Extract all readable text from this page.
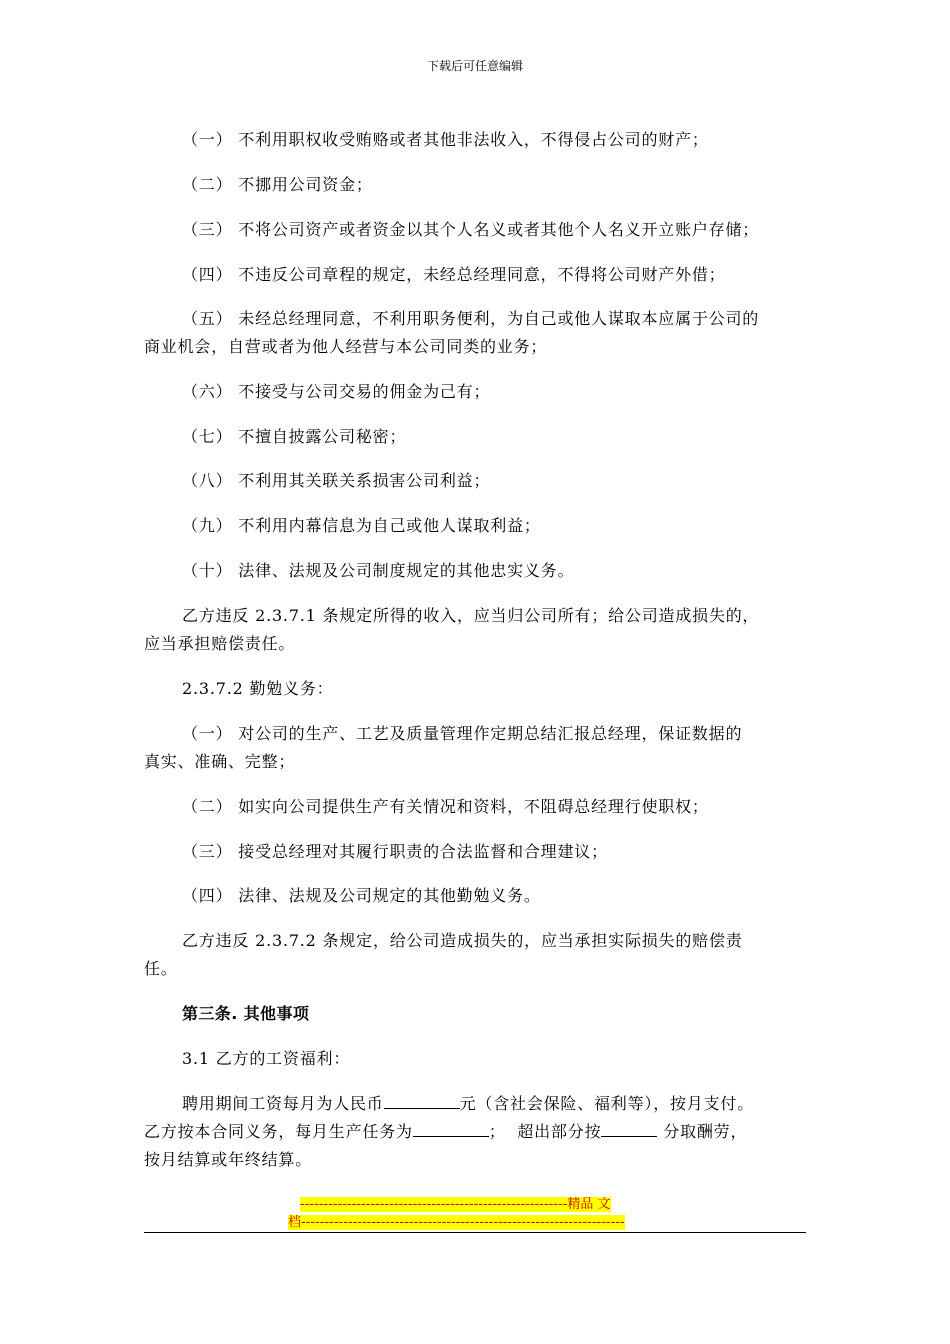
下载后可任意编辑
（一） 不利用职权收受贿赂或者其他非法收入，不得侵占公司的财产；
（二） 不挪用公司资金；
（三） 不将公司资产或者资金以其个人名义或者其他个人名义开立账户存储；
（四） 不违反公司章程的规定，未经总经理同意，不得将公司财产外借；
（五） 未经总经理同意，不利用职务便利，为自己或他人谋取本应属于公司的
商业机会，自营或者为他人经营与本公司同类的业务；
（六） 不接受与公司交易的佣金为己有；
（七） 不擅自披露公司秘密；
（八） 不利用其关联关系损害公司利益；
（九） 不利用内幕信息为自己或他人谋取利益；
（十） 法律、法规及公司制度规定的其他忠实义务。
乙方违反 2.3.7.1 条规定所得的收入，应当归公司所有；给公司造成损失的，
应当承担赔偿责任。
2.3.7.2 勤勉义务：
（一） 对公司的生产、工艺及质量管理作定期总结汇报总经理，保证数据的
真实、准确、完整；
（二） 如实向公司提供生产有关情况和资料，不阻碍总经理行使职权；
（三） 接受总经理对其履行职责的合法监督和合理建议；
（四） 法律、法规及公司规定的其他勤勉义务。
乙方违反 2.3.7.2 条规定，给公司造成损失的，应当承担实际损失的赔偿责
任。
第三条. 其他事项
3.1 乙方的工资福利：
聘用期间工资每月为人民币	元（含社会保险、福利等），按月支付。
乙方按本合同义务，每月生产任务为	；  超出部分按	分取酬劳，
按月结算或年终结算。
---------------------------------------------------------精品 文
档---------------------------------------------------------------------
